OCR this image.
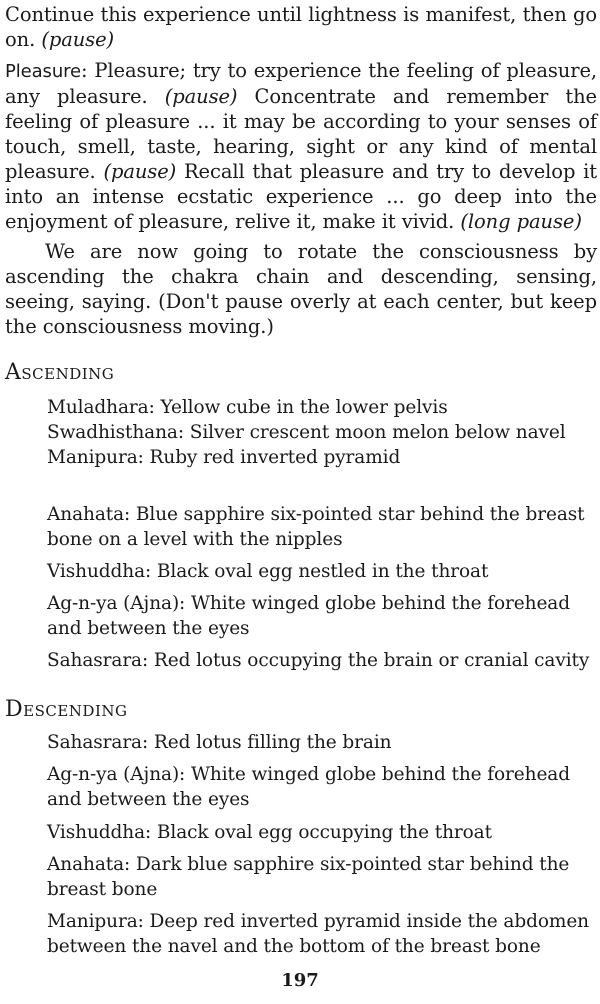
Continue this experience until lightness is manifest, then go on. (pause)

Pleasure: Pleasure; try to experience the feeling of pleasure, any pleasure. (pause) Concentrate and remember the feeling of pleasure ... it may be according to your senses of touch, smell, taste, hearing, sight or any kind of mental pleasure. (pause) Recall that pleasure and try to develop it into an intense ecstatic experience ... go deep into the enjoyment of pleasure, relive it, make it vivid. (long pause)

We are now going to rotate the consciousness by ascending the chakra chain and descending, sensing, seeing, saying. (Don't pause overly at each center, but keep the consciousness moving.)

Ascending
Muladhara: Yellow cube in the lower pelvis
Swadhisthana: Silver crescent moon melon below navel
Manipura: Ruby red inverted pyramid
Anahata: Blue sapphire six-pointed star behind the breast bone on a level with the nipples
Vishuddha: Black oval egg nestled in the throat
Ag-n-ya (Ajna): White winged globe behind the forehead and between the eyes
Sahasrara: Red lotus occupying the brain or cranial cavity
Descending
Sahasrara: Red lotus filling the brain
Ag-n-ya (Ajna): White winged globe behind the forehead and between the eyes
Vishuddha: Black oval egg occupying the throat
Anahata: Dark blue sapphire six-pointed star behind the breast bone
Manipura: Deep red inverted pyramid inside the abdomen between the navel and the bottom of the breast bone
197
